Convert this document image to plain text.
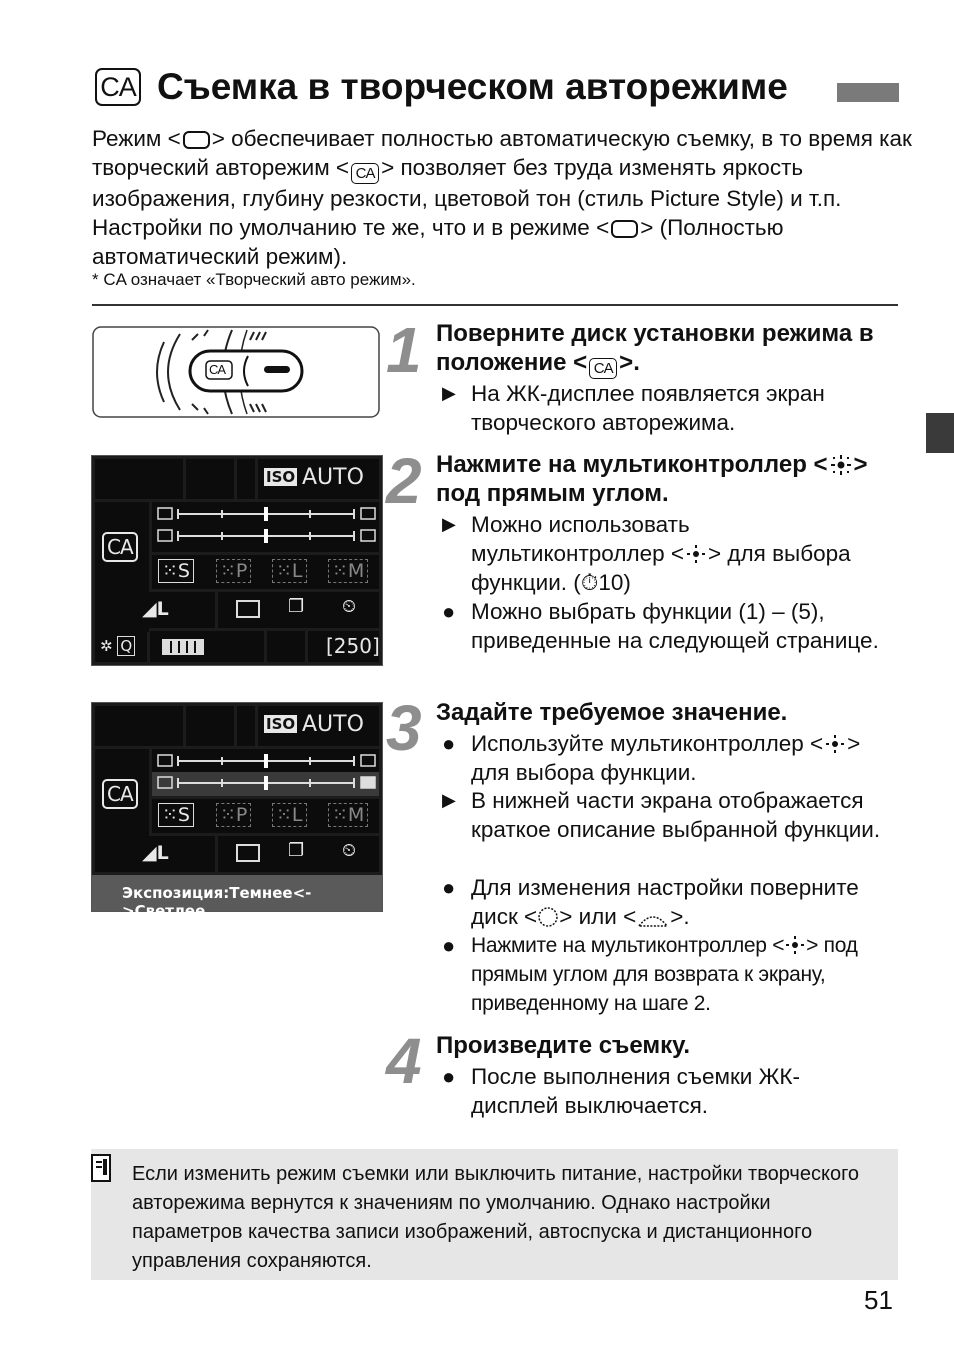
CA Съемка в творческом авторежиме
Режим < > обеспечивает полностью автоматическую съемку, в то время как творческий авторежим < CA > позволяет без труда изменять яркость изображения, глубину резкости, цветовой тон (стиль Picture Style) и т.п. Настройки по умолчанию те же, что и в режиме < > (Полностью автоматический режим).
* CA означает «Творческий авто режим».
CA	1 Поверните диск установки режима в положение < CA >.
▶ На ЖК-дисплее появляется экран творческого авторежима.
ISO AUTO
CA
⁙S ⁙P ⁙L ⁙M
◢L	❐ ⏲
✲ Q	[250]
2 Нажмите на мультиконтроллер < > под прямым углом.
▶ Можно использовать мультиконтроллер < > для выбора функции. (⏱10)
● Можно выбрать функции (1) – (5), приведенные на следующей странице.
ISO AUTO
CA
⁙S ⁙P ⁙L ⁙M
◢L	❐ ⏲
Экспозиция:Темнее<->Светлее
3 Задайте требуемое значение.
● Используйте мультиконтроллер < > для выбора функции.
▶ В нижней части экрана отображается краткое описание выбранной функции.
● Для изменения настройки поверните диск < > или < >.
● Нажмите на мультиконтроллер < > под прямым углом для возврата к экрану, приведенному на шаге 2.
4 Произведите съемку.
● После выполнения съемки ЖК-дисплей выключается.
Если изменить режим съемки или выключить питание, настройки творческого авторежима вернутся к значениям по умолчанию. Однако настройки параметров качества записи изображений, автоспуска и дистанционного управления сохраняются.
51
